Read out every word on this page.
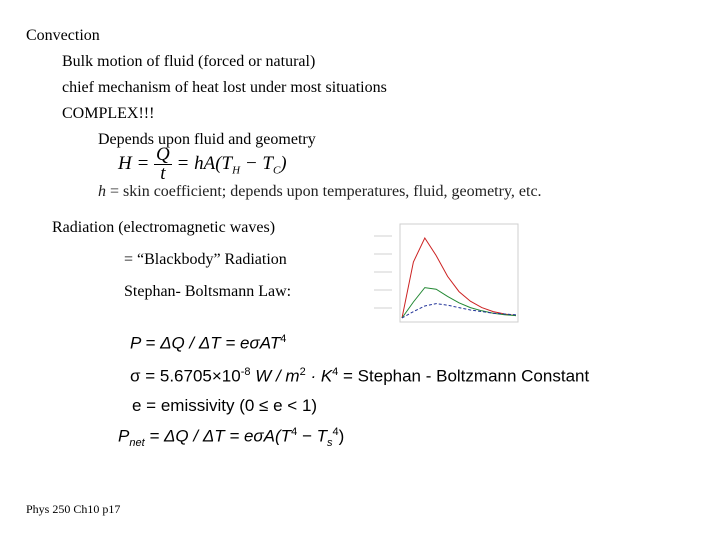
Convection
Bulk motion of fluid (forced or natural)
chief mechanism of heat lost under most situations
COMPLEX!!!
Depends upon fluid and geometry
$H = \frac{Q}{t} = hA(T_H - T_C)$
h = skin coefficient; depends upon temperatures, fluid, geometry, etc.
Radiation (electromagnetic waves)
= “Blackbody” Radiation
Stephan- Boltsmann Law:
P = ΔQ / ΔT = eσAT$^4$
$\sigma = 5.6705\times 10^{-8}$ $W / m^2 \cdot K^4$ = Stephan - Boltzmann Constant
e = emissivity (0 ≤ e < 1)
$P_{net} = \Delta Q / \Delta T = e\sigma A(T^4 - T_s^4)$
Phys 250 Ch10 p17
